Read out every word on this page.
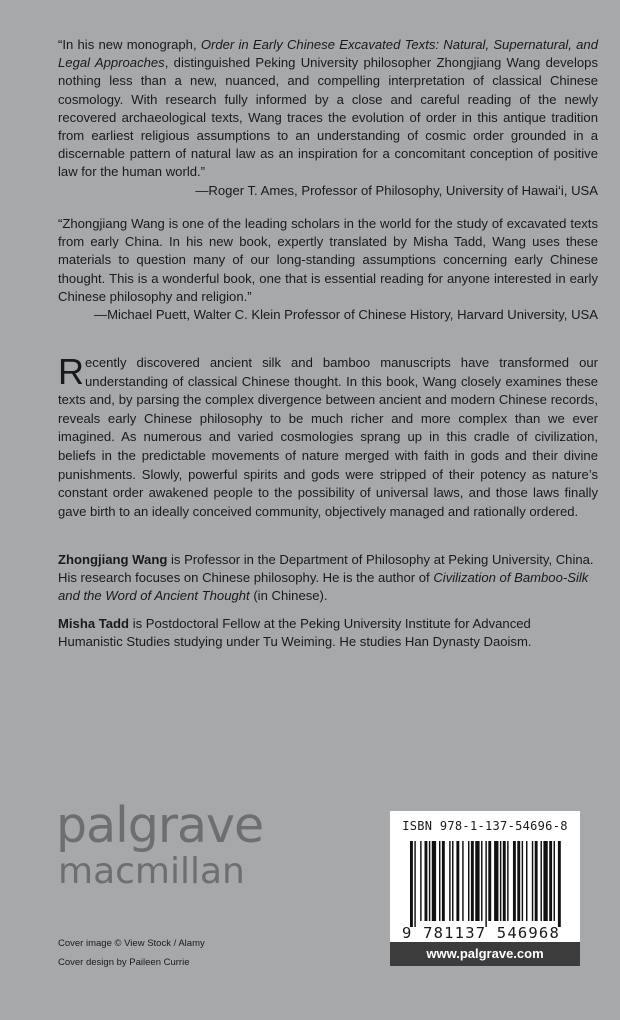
“In his new monograph, Order in Early Chinese Excavated Texts: Natural, Supernatural, and Legal Approaches, distinguished Peking University philosopher Zhongjiang Wang develops nothing less than a new, nuanced, and compelling interpretation of classical Chinese cosmology. With research fully informed by a close and careful reading of the newly recovered archaeological texts, Wang traces the evolution of order in this antique tradition from earliest religious assumptions to an understanding of cosmic order grounded in a discernable pattern of natural law as an inspiration for a concomitant conception of positive law for the human world.”

—Roger T. Ames, Professor of Philosophy, University of Hawai‘i, USA

“Zhongjiang Wang is one of the leading scholars in the world for the study of excavated texts from early China. In his new book, expertly translated by Misha Tadd, Wang uses these materials to question many of our long-standing assumptions concerning early Chinese thought. This is a wonderful book, one that is essential reading for anyone interested in early Chinese philosophy and religion.”

—Michael Puett, Walter C. Klein Professor of Chinese History, Harvard University, USA

Recently discovered ancient silk and bamboo manuscripts have transformed our understanding of classical Chinese thought. In this book, Wang closely examines these texts and, by parsing the complex divergence between ancient and modern Chinese records, reveals early Chinese philosophy to be much richer and more complex than we ever imagined. As numerous and varied cosmologies sprang up in this cradle of civilization, beliefs in the predictable movements of nature merged with faith in gods and their divine punishments. Slowly, powerful spirits and gods were stripped of their potency as nature’s constant order awakened people to the possibility of universal laws, and those laws finally gave birth to an ideally conceived community, objectively managed and rationally ordered.

Zhongjiang Wang is Professor in the Department of Philosophy at Peking University, China. His research focuses on Chinese philosophy. He is the author of Civilization of Bamboo-Silk and the Word of Ancient Thought (in Chinese).

Misha Tadd is Postdoctoral Fellow at the Peking University Institute for Advanced Humanistic Studies studying under Tu Weiming. He studies Han Dynasty Daoism.

palgrave
macmillan
Cover image © View Stock / Alamy
Cover design by Paileen Currie
ISBN 978-1-137-54696-8
9 781137 546968
www.palgrave.com
